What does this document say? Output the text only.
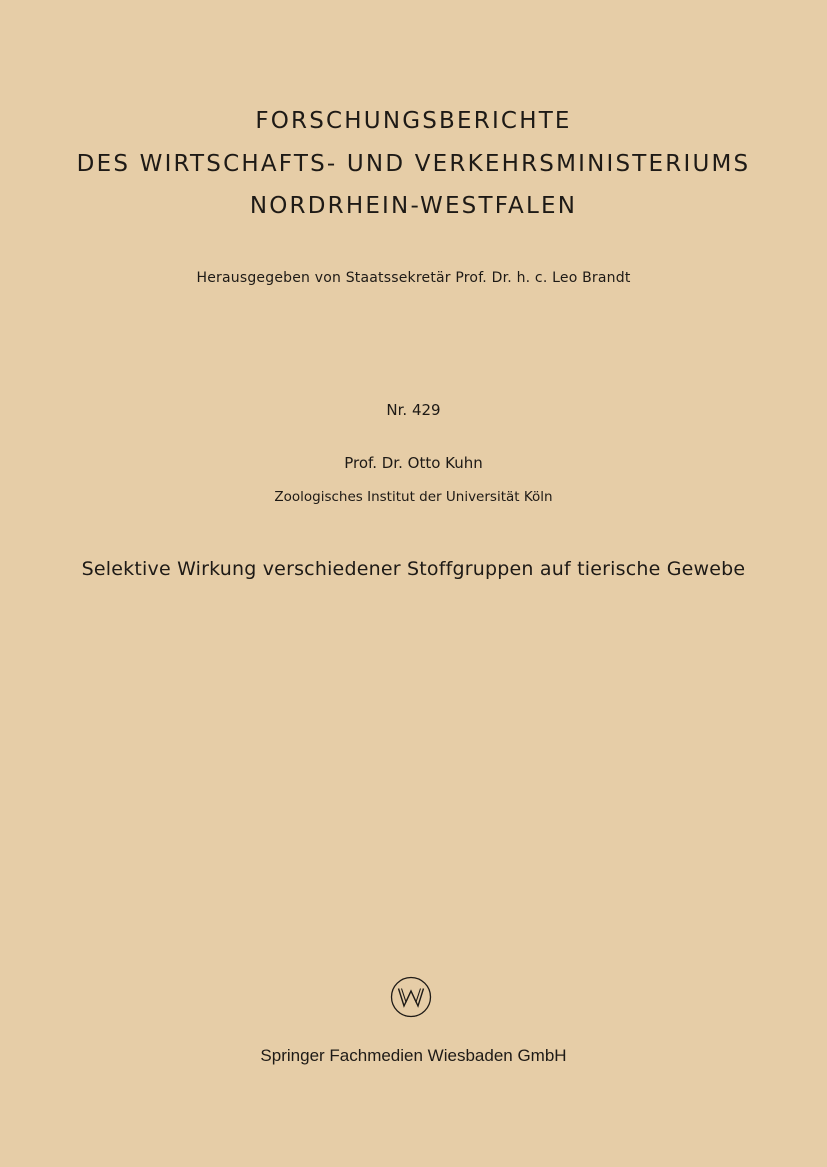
FORSCHUNGSBERICHTE
DES WIRTSCHAFTS- UND VERKEHRSMINISTERIUMS
NORDRHEIN-WESTFALEN
Herausgegeben von Staatssekretär Prof. Dr. h. c. Leo Brandt
Nr. 429
Prof. Dr. Otto Kuhn
Zoologisches Institut der Universität Köln
Selektive Wirkung verschiedener Stoffgruppen auf tierische Gewebe
Springer Fachmedien Wiesbaden GmbH
